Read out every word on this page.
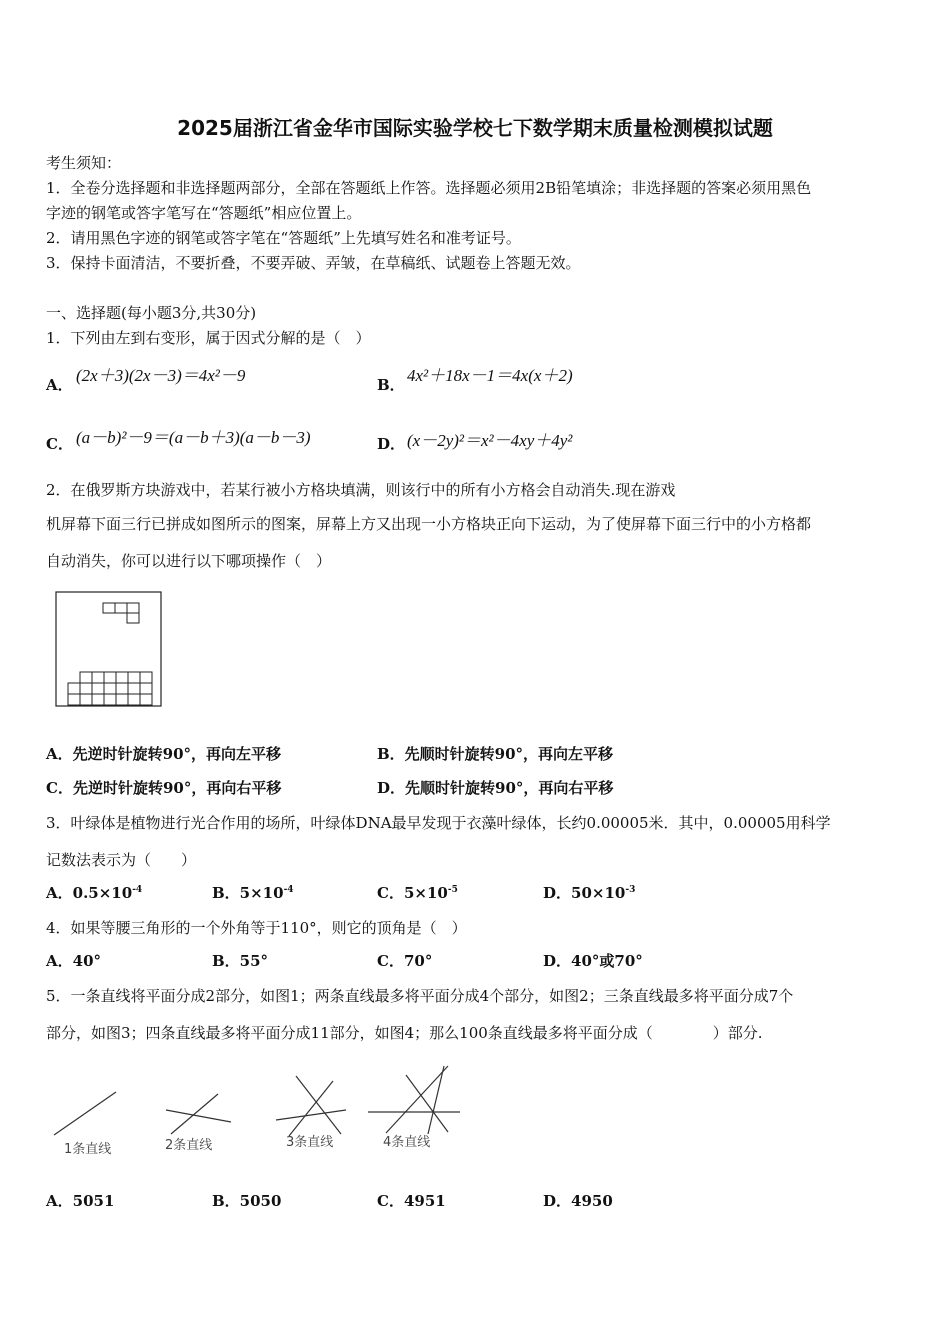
2025届浙江省金华市国际实验学校七下数学期末质量检测模拟试题
考生须知：
1．全卷分选择题和非选择题两部分，全部在答题纸上作答。选择题必须用2B铅笔填涂；非选择题的答案必须用黑色
字迹的钢笔或答字笔写在“答题纸”相应位置上。
2．请用黑色字迹的钢笔或答字笔在“答题纸”上先填写姓名和准考证号。
3．保持卡面清洁，不要折叠，不要弄破、弄皱，在草稿纸、试题卷上答题无效。
一、选择题(每小题3分,共30分)
1．下列由左到右变形，属于因式分解的是（　）
A． (2x＋3)(2x－3)＝4x²－9	B． 4x²＋18x－1＝4x(x＋2)
C． (a－b)²－9＝(a－b＋3)(a－b－3)	D． (x－2y)²＝x²－4xy＋4y²
2．在俄罗斯方块游戏中，若某行被小方格块填满，则该行中的所有小方格会自动消失.现在游戏
机屏幕下面三行已拼成如图所示的图案，屏幕上方又出现一小方格块正向下运动，为了使屏幕下面三行中的小方格都
自动消失，你可以进行以下哪项操作（　）
A．先逆时针旋转90°，再向左平移	B．先顺时针旋转90°，再向左平移
C．先逆时针旋转90°，再向右平移	D．先顺时针旋转90°，再向右平移
3．叶绿体是植物进行光合作用的场所，叶绿体DNA最早发现于衣藻叶绿体，长约0.00005米．其中，0.00005用科学
记数法表示为（　　）
A．$0.5\times 10^{-4}$	B．$5\times 10^{-4}$	C．$5\times 10^{-5}$	D．$50\times 10^{-3}$
4．如果等腰三角形的一个外角等于110°，则它的顶角是（　）
A．40°	B．55°	C．70°	D．40°或70°
5．一条直线将平面分成2部分，如图1；两条直线最多将平面分成4个部分，如图2；三条直线最多将平面分成7个
部分，如图3；四条直线最多将平面分成11部分，如图4；那么100条直线最多将平面分成（　　　　）部分.
1条直线	2条直线	3条直线	4条直线
A．5051	B．5050	C．4951	D．4950
